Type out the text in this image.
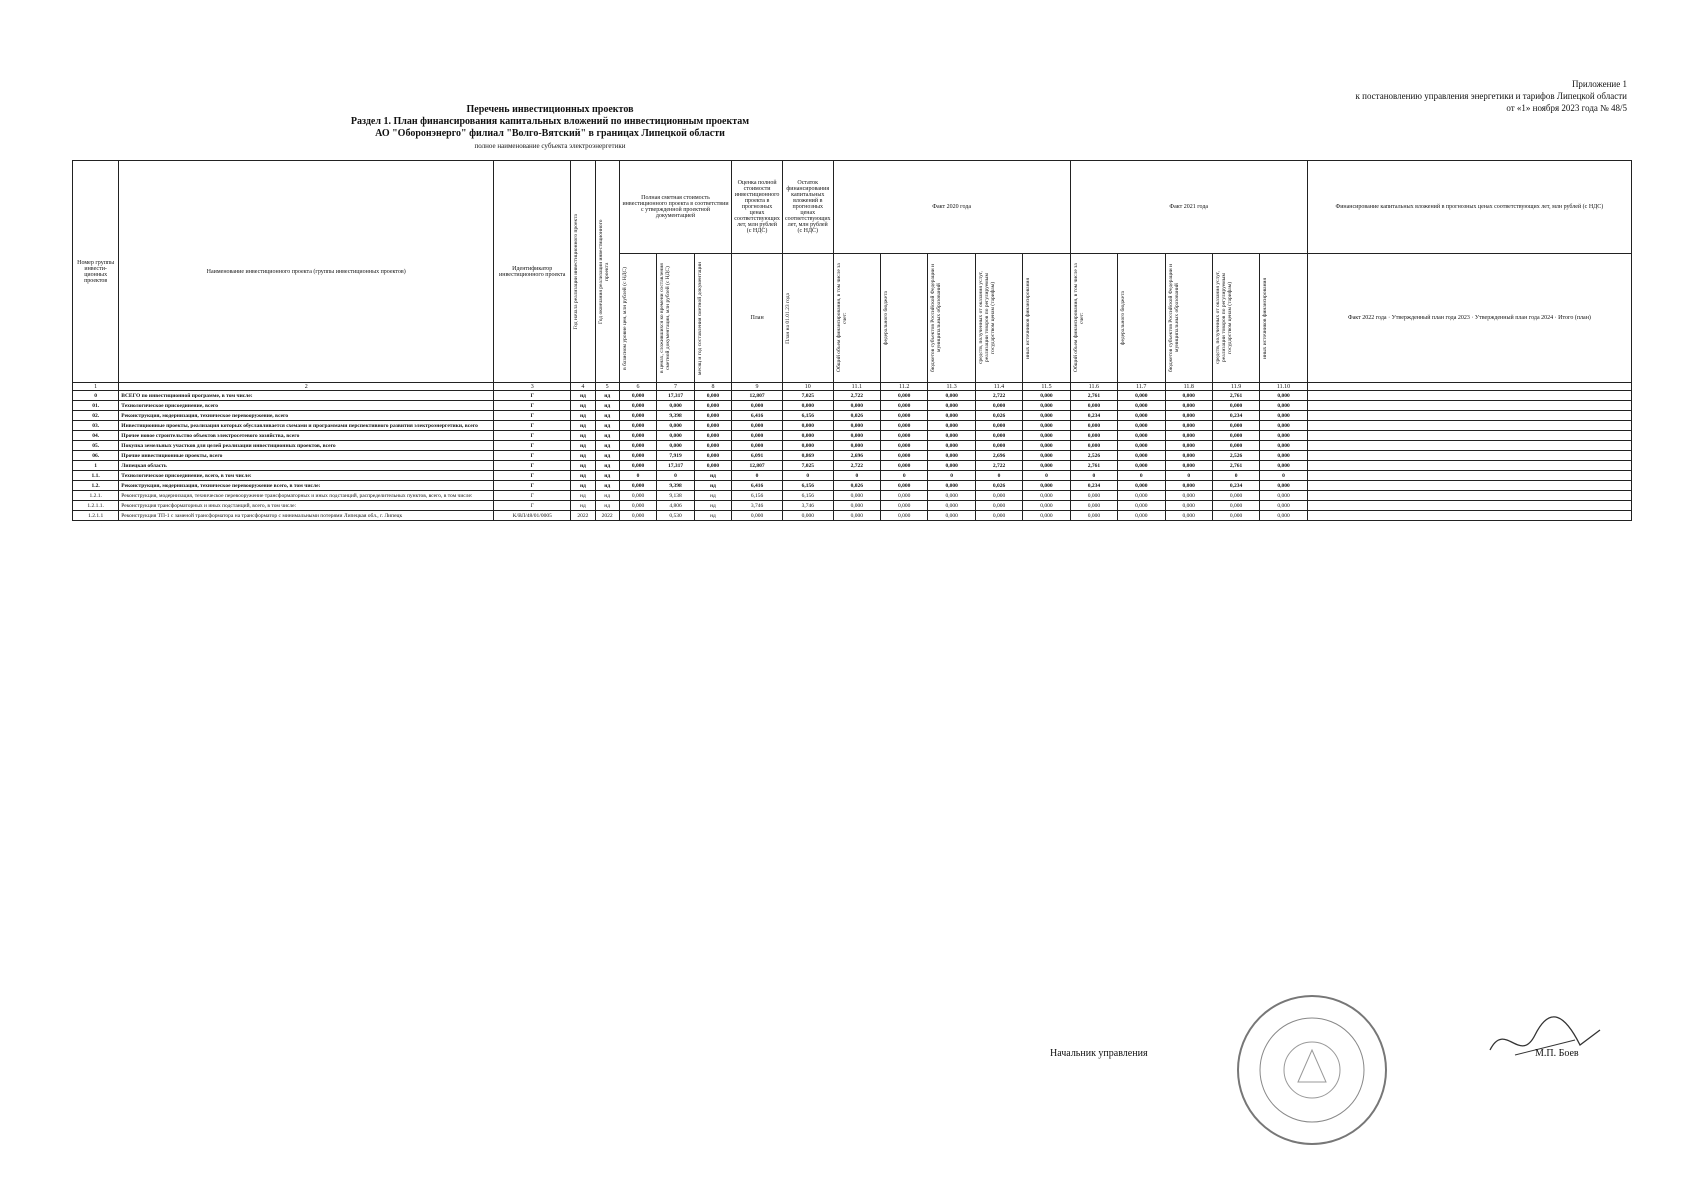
Приложение 1
к постановлению управления энергетики и тарифов Липецкой области
от «1» ноября 2023 года № 48/5
Перечень инвестиционных проектов
Раздел 1. План финансирования капитальных вложений по инвестиционным проектам
АО "Оборонэнерго" филиал "Волго-Вятский" в границах Липецкой области
полное наименование субъекта электроэнергетики
Номер группы инвести-ционных проектов	Наименование инвестиционного проекта (группы инвестиционных проектов)	Идентификатор инвестиционного проекта	Год начала реализации инвестиционного проекта	Год окончания реализации инвестиционного проекта	Полная сметная стоимость инвестиционного проекта в соответствии с утвержденной проектной документацией			Оценка полной стоимости инвестиционного проекта в прогнозных ценах соответствующих лет, млн рублей (с НДС)	Остаток финансирования капитальных вложений в прогнозных ценах соответствующих лет, млн рублей (с НДС)	Факт 2020 года					Факт 2021 года					Финансирование капитальных вложений в прогнозных ценах соответствующих лет, млн рублей (с НДС)

					в базисном уровне цен, млн рублей (с НДС)	в ценах, сложившихся ко времени составления сметной документации, млн рублей (с НДС)	месяц и год составления сметной документации	План	План на 01.01.23 года	Общий объем финансирования, в том числе за счет:	федерального бюджета	бюджетов субъектов Российской Федерации и муниципальных образований	средств, полученных от оказания услуг, реализации товаров по регулируемым государством ценам (тарифам)	иных источников финансирования	Общий объем финансирования, в том числе за счет:	федерального бюджета	бюджетов субъектов Российской Федерации и муниципальных образований	средств, полученных от оказания услуг, реализации товаров по регулируемым государством ценам (тарифам)	иных источников финансирования	Факт 2022 года · Утвержденный план года 2023 · Утвержденный план года 2024 · Итого (план)

1	2	3	4	5	6	7	8	9	10	11.1	11.2	11.3	11.4	11.5	11.6	11.7	11.8	11.9	11.10	
0	ВСЕГО по инвестиционной программе, в том числе:	Г	нд	нд	0,000	17,317	0,000	12,807	7,025	2,722	0,000	0,000	2,722	0,000	2,761	0,000	0,000	2,761	0,000	
01.	Технологическое присоединение, всего	Г	нд	нд	0,000	0,000	0,000	0,000	0,000	0,000	0,000	0,000	0,000	0,000	0,000	0,000	0,000	0,000	0,000	
02.	Реконструкция, модернизация, техническое перевооружение, всего	Г	нд	нд	0,000	9,398	0,000	6,416	6,156	0,026	0,000	0,000	0,026	0,000	0,234	0,000	0,000	0,234	0,000	
03.	Инвестиционные проекты, реализация которых обуславливается схемами и программами перспективного развития электроэнергетики, всего	Г	нд	нд	0,000	0,000	0,000	0,000	0,000	0,000	0,000	0,000	0,000	0,000	0,000	0,000	0,000	0,000	0,000	
04.	Прочее новое строительство объектов электросетевого хозяйства, всего	Г	нд	нд	0,000	0,000	0,000	0,000	0,000	0,000	0,000	0,000	0,000	0,000	0,000	0,000	0,000	0,000	0,000	
05.	Покупка земельных участков для целей реализации инвестиционных проектов, всего	Г	нд	нд	0,000	0,000	0,000	0,000	0,000	0,000	0,000	0,000	0,000	0,000	0,000	0,000	0,000	0,000	0,000	
06.	Прочие инвестиционные проекты, всего	Г	нд	нд	0,000	7,919	0,000	6,091	0,869	2,696	0,000	0,000	2,696	0,000	2,526	0,000	0,000	2,526	0,000	
1	Липецкая область	Г	нд	нд	0,000	17,317	0,000	12,807	7,025	2,722	0,000	0,000	2,722	0,000	2,761	0,000	0,000	2,761	0,000	
1.1.	Технологическое присоединение, всего, в том числе:	Г	нд	нд	0	0	нд	0	0	0	0	0	0	0	0	0	0	0	0	
1.2.	Реконструкция, модернизация, техническое перевооружение всего, в том числе:	Г	нд	нд	0,000	9,398	нд	6,416	6,156	0,026	0,000	0,000	0,026	0,000	0,234	0,000	0,000	0,234	0,000	
1.2.1.	Реконструкция, модернизация, техническое перевооружение трансформаторных и иных подстанций, распределительных пунктов, всего, в том числе:	Г	нд	нд	0,000	9,138	нд	6,156	6,156	0,000	0,000	0,000	0,000	0,000	0,000	0,000	0,000	0,000	0,000	
1.2.1.1.	Реконструкция трансформаторных и иных подстанций, всего, в том числе:	Г	нд	нд	0,000	4,806	нд	3,746	3,746	0,000	0,000	0,000	0,000	0,000	0,000	0,000	0,000	0,000	0,000	
1.2.1.1	Реконструкция ТП-1 с заменой трансформатора на трансформатор с минимальными потерями Липецкая обл., г. Липецк	K/ВЛ/48/01/0005	2022	2022	0,000	0,530	нд	0,000	0,000	0,000	0,000	0,000	0,000	0,000	0,000	0,000	0,000	0,000	0,000	
Начальник управления	М.П. Боев
